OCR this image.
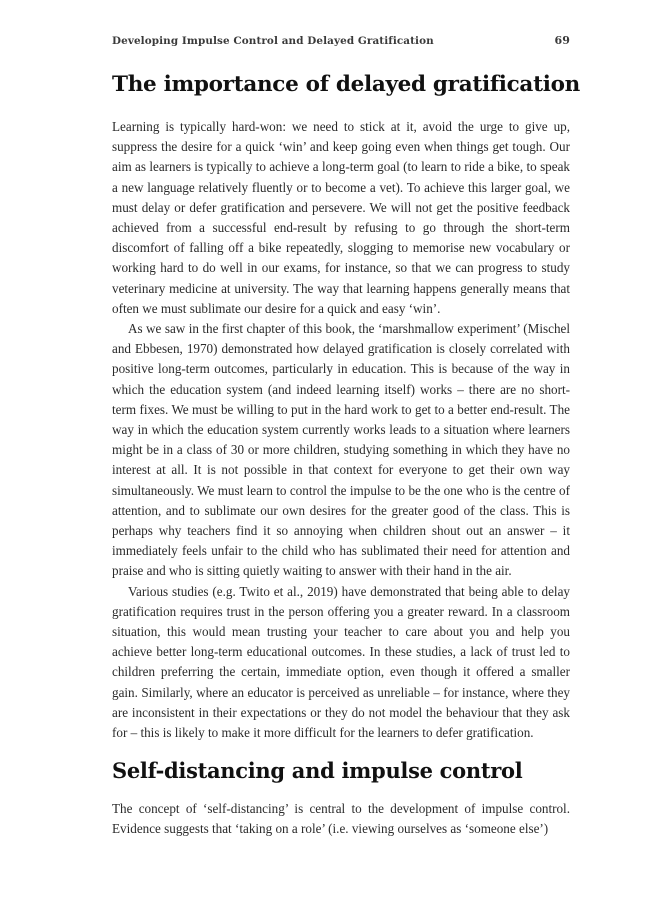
Developing Impulse Control and Delayed Gratification	69
The importance of delayed gratification

Learning is typically hard-won: we need to stick at it, avoid the urge to give up, suppress the desire for a quick ‘win’ and keep going even when things get tough. Our aim as learners is typically to achieve a long-term goal (to learn to ride a bike, to speak a new language relatively fluently or to become a vet). To achieve this larger goal, we must delay or defer gratification and persevere. We will not get the positive feedback achieved from a successful end-result by refusing to go through the short-term discomfort of falling off a bike repeatedly, slogging to memorise new vocabulary or working hard to do well in our exams, for instance, so that we can progress to study veterinary medicine at university. The way that learning happens generally means that often we must sublimate our desire for a quick and easy ‘win’.

As we saw in the first chapter of this book, the ‘marshmallow experiment’ (Mischel and Ebbesen, 1970) demonstrated how delayed gratification is closely correlated with positive long-term outcomes, particularly in education. This is because of the way in which the education system (and indeed learning itself) works – there are no short-term fixes. We must be willing to put in the hard work to get to a better end-result. The way in which the education system currently works leads to a situation where learners might be in a class of 30 or more children, studying something in which they have no interest at all. It is not possible in that context for everyone to get their own way simultaneously. We must learn to control the impulse to be the one who is the centre of attention, and to sublimate our own desires for the greater good of the class. This is perhaps why teachers find it so annoying when children shout out an answer – it immediately feels unfair to the child who has sublimated their need for attention and praise and who is sitting quietly waiting to answer with their hand in the air.

Various studies (e.g. Twito et al., 2019) have demonstrated that being able to delay gratification requires trust in the person offering you a greater reward. In a classroom situation, this would mean trusting your teacher to care about you and help you achieve better long-term educational outcomes. In these studies, a lack of trust led to children preferring the certain, immediate option, even though it offered a smaller gain. Similarly, where an educator is perceived as unreliable – for instance, where they are inconsistent in their expectations or they do not model the behaviour that they ask for – this is likely to make it more difficult for the learners to defer gratification.

Self-distancing and impulse control

The concept of ‘self-distancing’ is central to the development of impulse control. Evidence suggests that ‘taking on a role’ (i.e. viewing ourselves as ‘someone else’)
